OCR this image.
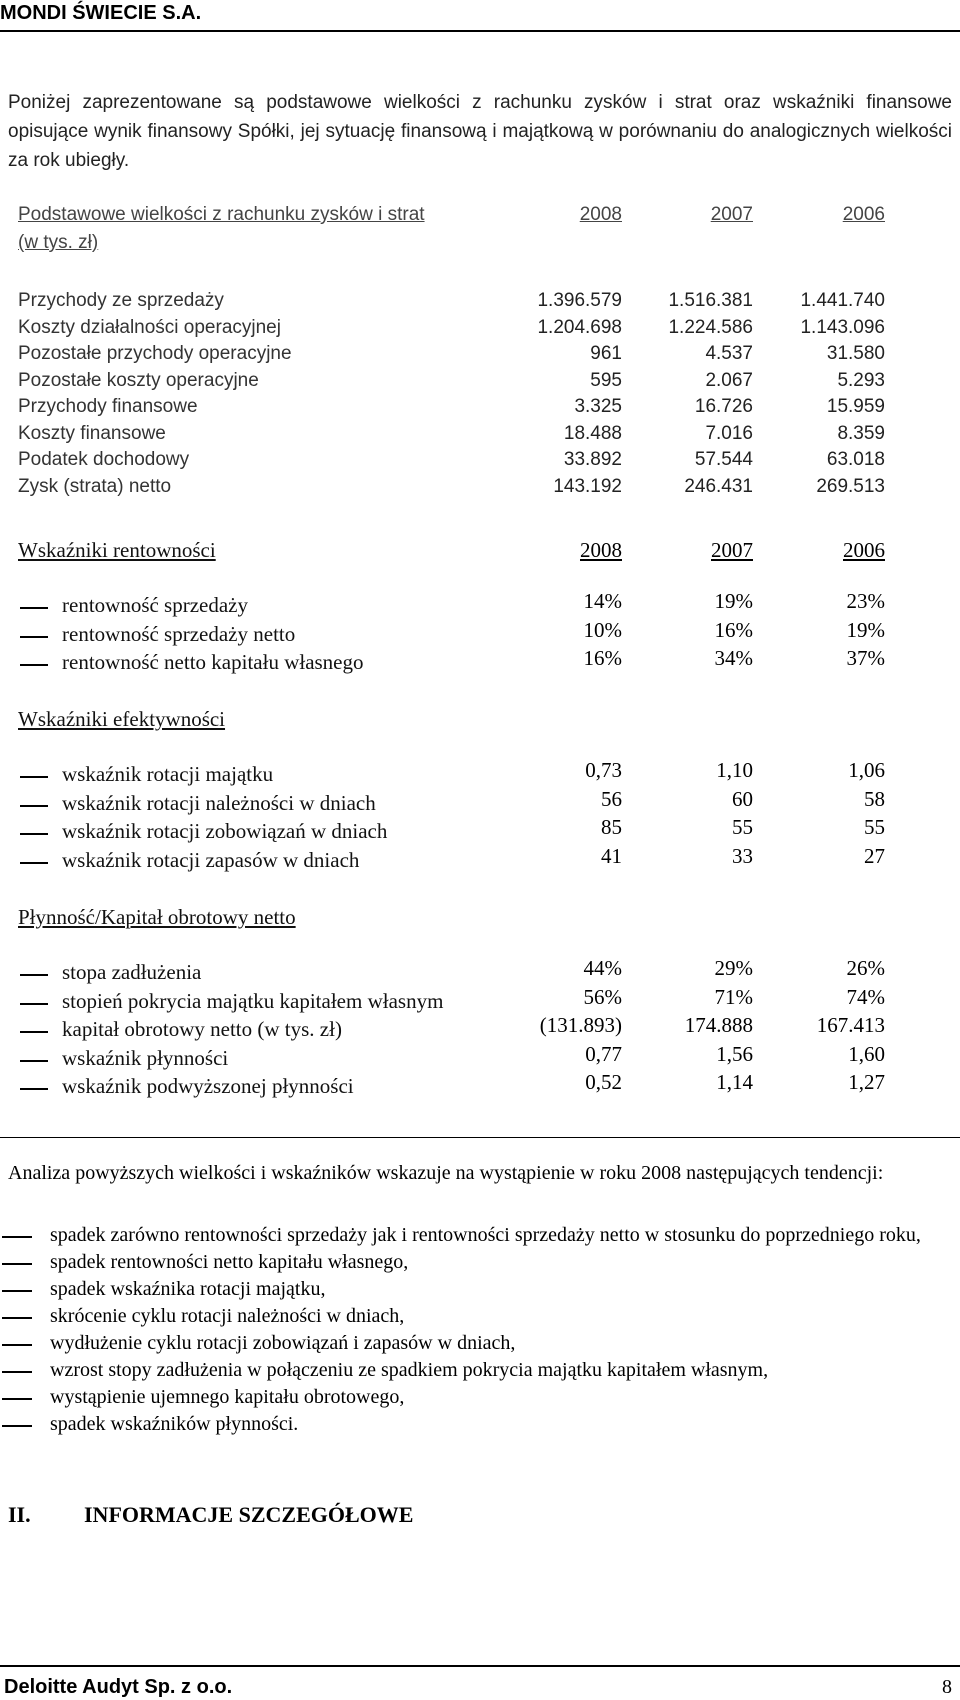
MONDI ŚWIECIE S.A.
Poniżej zaprezentowane są podstawowe wielkości z rachunku zysków i strat oraz wskaźniki finansowe opisujące wynik finansowy Spółki, jej sytuację finansową i majątkową w porównaniu do analogicznych wielkości za rok ubiegły.
Podstawowe wielkości z rachunku zysków i strat
(w tys. zł)
2008	2007	2006
Przychody ze sprzedaży	1.396.579	1.516.381	1.441.740
Koszty działalności operacyjnej	1.204.698	1.224.586	1.143.096
Pozostałe przychody operacyjne	961	4.537	31.580
Pozostałe koszty operacyjne	595	2.067	5.293
Przychody finansowe	3.325	16.726	15.959
Koszty finansowe	18.488	7.016	8.359
Podatek dochodowy	33.892	57.544	63.018
Zysk (strata) netto	143.192	246.431	269.513
Wskaźniki rentowności	2008	2007	2006
rentowność sprzedaży	14%	19%	23%
rentowność sprzedaży netto	10%	16%	19%
rentowność netto kapitału własnego	16%	34%	37%
Wskaźniki efektywności
wskaźnik rotacji majątku	0,73	1,10	1,06
wskaźnik rotacji należności w dniach	56	60	58
wskaźnik rotacji zobowiązań w dniach	85	55	55
wskaźnik rotacji zapasów w dniach	41	33	27
Płynność/Kapitał obrotowy netto
stopa zadłużenia	44%	29%	26%
stopień pokrycia majątku kapitałem własnym	56%	71%	74%
kapitał obrotowy netto (w tys. zł)	(131.893)	174.888	167.413
wskaźnik płynności	0,77	1,56	1,60
wskaźnik podwyższonej płynności	0,52	1,14	1,27
Analiza powyższych wielkości i wskaźników wskazuje na wystąpienie w roku 2008 następujących tendencji:
spadek zarówno rentowności sprzedaży jak i rentowności sprzedaży netto w stosunku do poprzedniego roku,
spadek rentowności netto kapitału własnego,
spadek wskaźnika rotacji majątku,
skrócenie cyklu rotacji należności w dniach,
wydłużenie cyklu rotacji zobowiązań i zapasów w dniach,
wzrost stopy zadłużenia w połączeniu ze spadkiem pokrycia majątku kapitałem własnym,
wystąpienie ujemnego kapitału obrotowego,
spadek wskaźników płynności.
II. INFORMACJE SZCZEGÓŁOWE
Deloitte Audyt Sp. z o.o.	8
